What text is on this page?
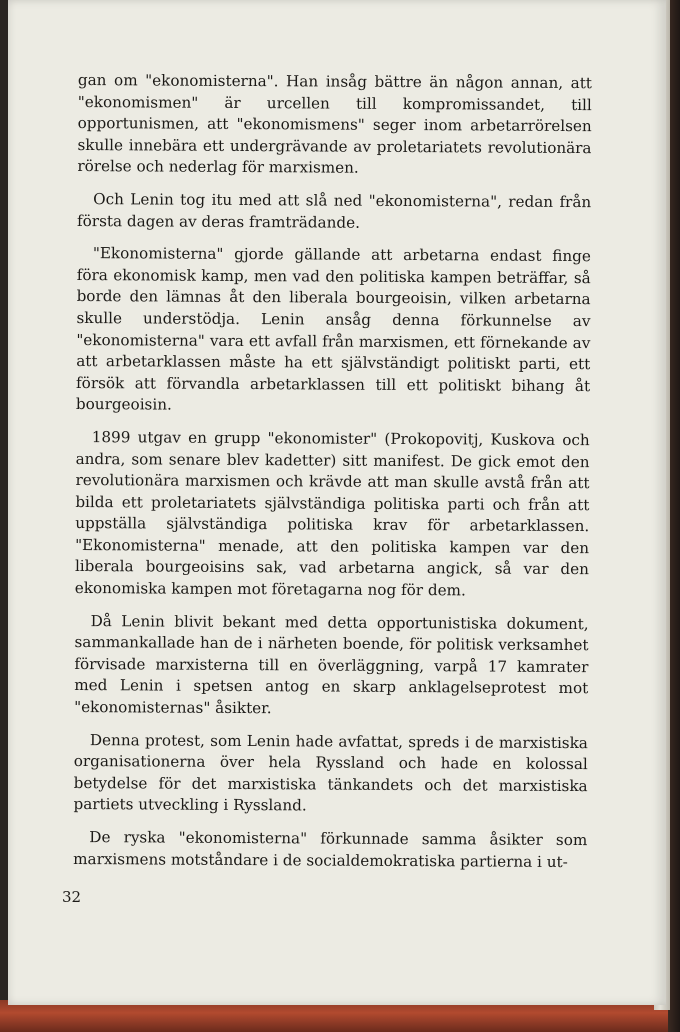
gan om "ekonomisterna". Han insåg bättre än någon annan, att "ekonomismen" är urcellen till kompromissandet, till opportunismen, att "ekonomismens" seger inom arbetarrörelsen skulle innebära ett undergrävande av proletariatets revolutionära rörelse och nederlag för marxismen.

Och Lenin tog itu med att slå ned "ekonomisterna", redan från första dagen av deras framträdande.

"Ekonomisterna" gjorde gällande att arbetarna endast finge föra ekonomisk kamp, men vad den politiska kampen beträffar, så borde den lämnas åt den liberala bourgeoisin, vilken arbetarna skulle understödja. Lenin ansåg denna förkunnelse av "ekonomisterna" vara ett avfall från marxismen, ett förnekande av att arbetarklassen måste ha ett självständigt politiskt parti, ett försök att förvandla arbetarklassen till ett politiskt bihang åt bourgeoisin.

1899 utgav en grupp "ekonomister" (Prokopovitj, Kuskova och andra, som senare blev kadetter) sitt manifest. De gick emot den revolutionära marxismen och krävde att man skulle avstå från att bilda ett proletariatets självständiga politiska parti och från att uppställa självständiga politiska krav för arbetarklassen. "Ekonomisterna" menade, att den politiska kampen var den liberala bourgeoisins sak, vad arbetarna angick, så var den ekonomiska kampen mot företagarna nog för dem.

Då Lenin blivit bekant med detta opportunistiska dokument, sammankallade han de i närheten boende, för politisk verksamhet förvisade marxisterna till en överläggning, varpå 17 kamrater med Lenin i spetsen antog en skarp anklagelseprotest mot "ekonomisternas" åsikter.

Denna protest, som Lenin hade avfattat, spreds i de marxistiska organisationerna över hela Ryssland och hade en kolossal betydelse för det marxistiska tänkandets och det marxistiska partiets utveckling i Ryssland.

De ryska "ekonomisterna" förkunnade samma åsikter som marxismens motståndare i de socialdemokratiska partierna i ut-

32
